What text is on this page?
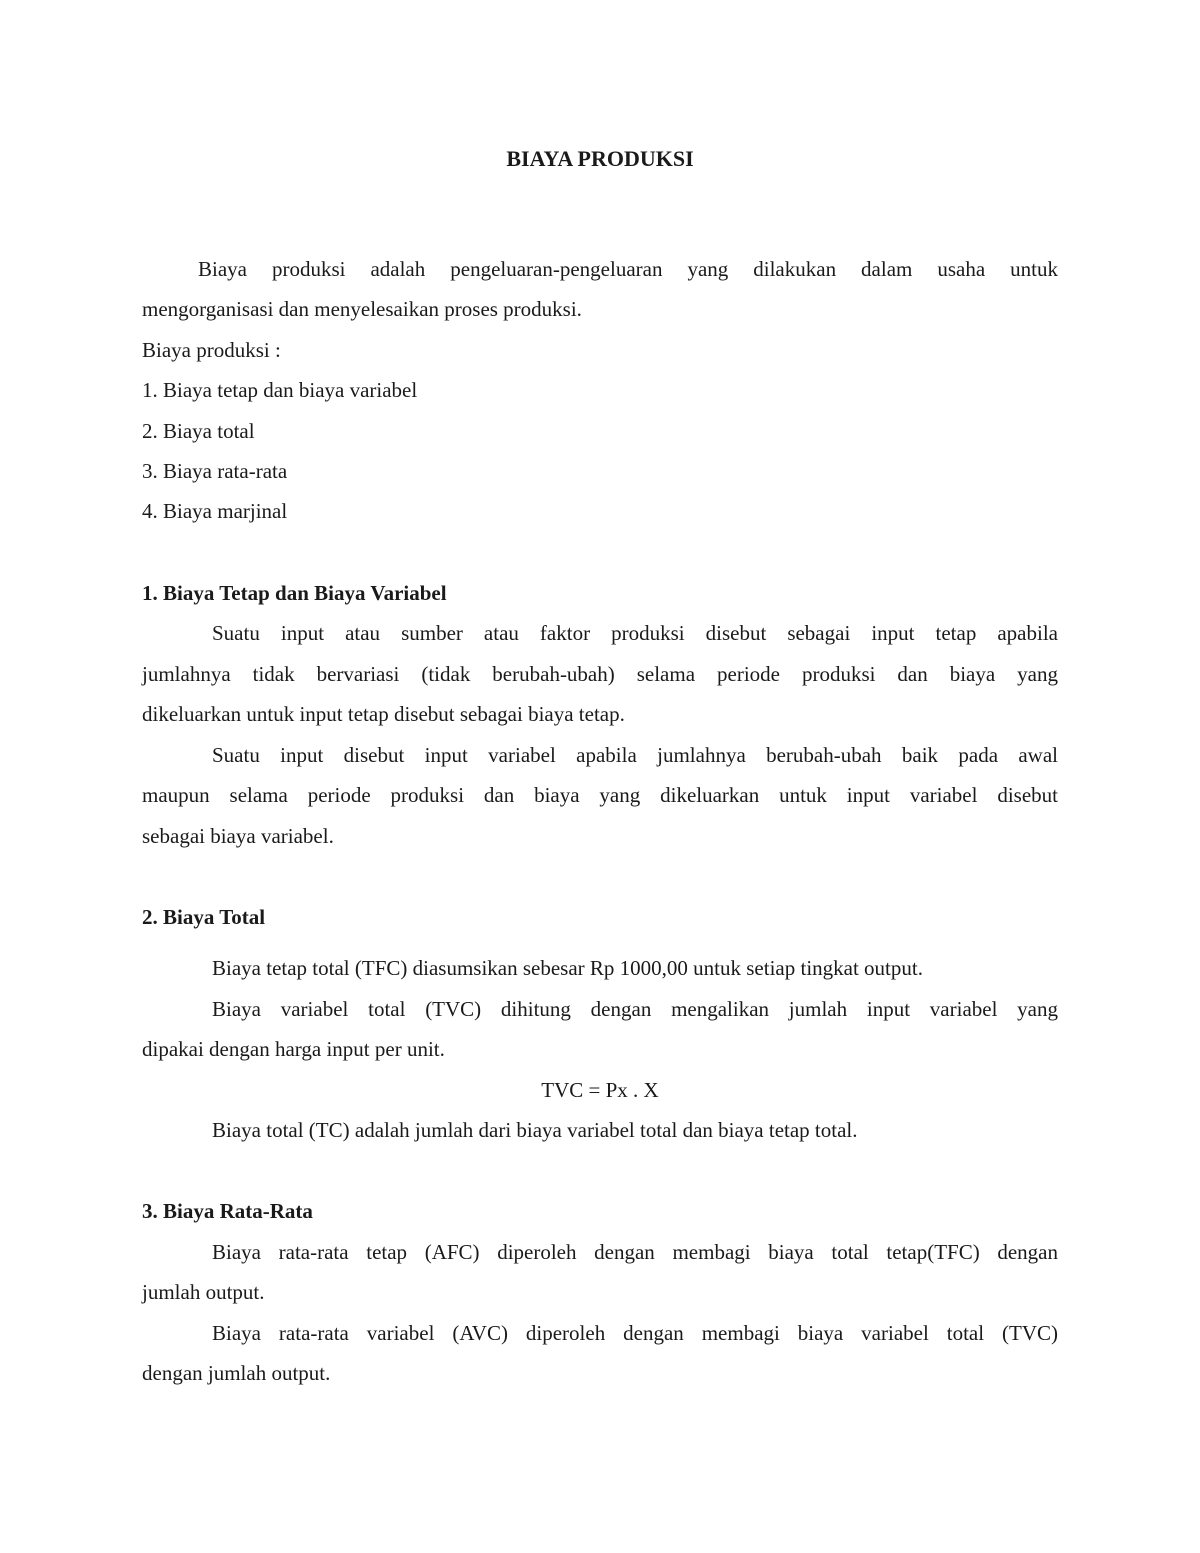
BIAYA PRODUKSI
Biaya produksi adalah pengeluaran-pengeluaran yang dilakukan dalam usaha untuk
mengorganisasi dan menyelesaikan proses produksi.
Biaya produksi :
1. Biaya tetap dan biaya variabel
2. Biaya total
3. Biaya rata-rata
4. Biaya marjinal
1. Biaya Tetap dan Biaya Variabel
Suatu input atau sumber atau faktor produksi disebut sebagai input tetap apabila
jumlahnya tidak bervariasi (tidak berubah-ubah) selama periode produksi dan biaya yang
dikeluarkan untuk input tetap disebut sebagai biaya tetap.
Suatu input disebut input variabel apabila jumlahnya berubah-ubah baik pada awal
maupun selama periode produksi dan biaya yang dikeluarkan untuk input variabel disebut
sebagai biaya variabel.
2. Biaya Total
Biaya tetap total (TFC) diasumsikan sebesar Rp 1000,00 untuk setiap tingkat output.
Biaya variabel total (TVC) dihitung dengan mengalikan jumlah input variabel yang
dipakai dengan harga input per unit.
TVC = Px . X
Biaya total (TC) adalah jumlah dari biaya variabel total dan biaya tetap total.
3. Biaya Rata-Rata
Biaya rata-rata tetap (AFC) diperoleh dengan membagi biaya total tetap(TFC) dengan
jumlah output.
Biaya rata-rata variabel (AVC) diperoleh dengan membagi biaya variabel total (TVC)
dengan jumlah output.
